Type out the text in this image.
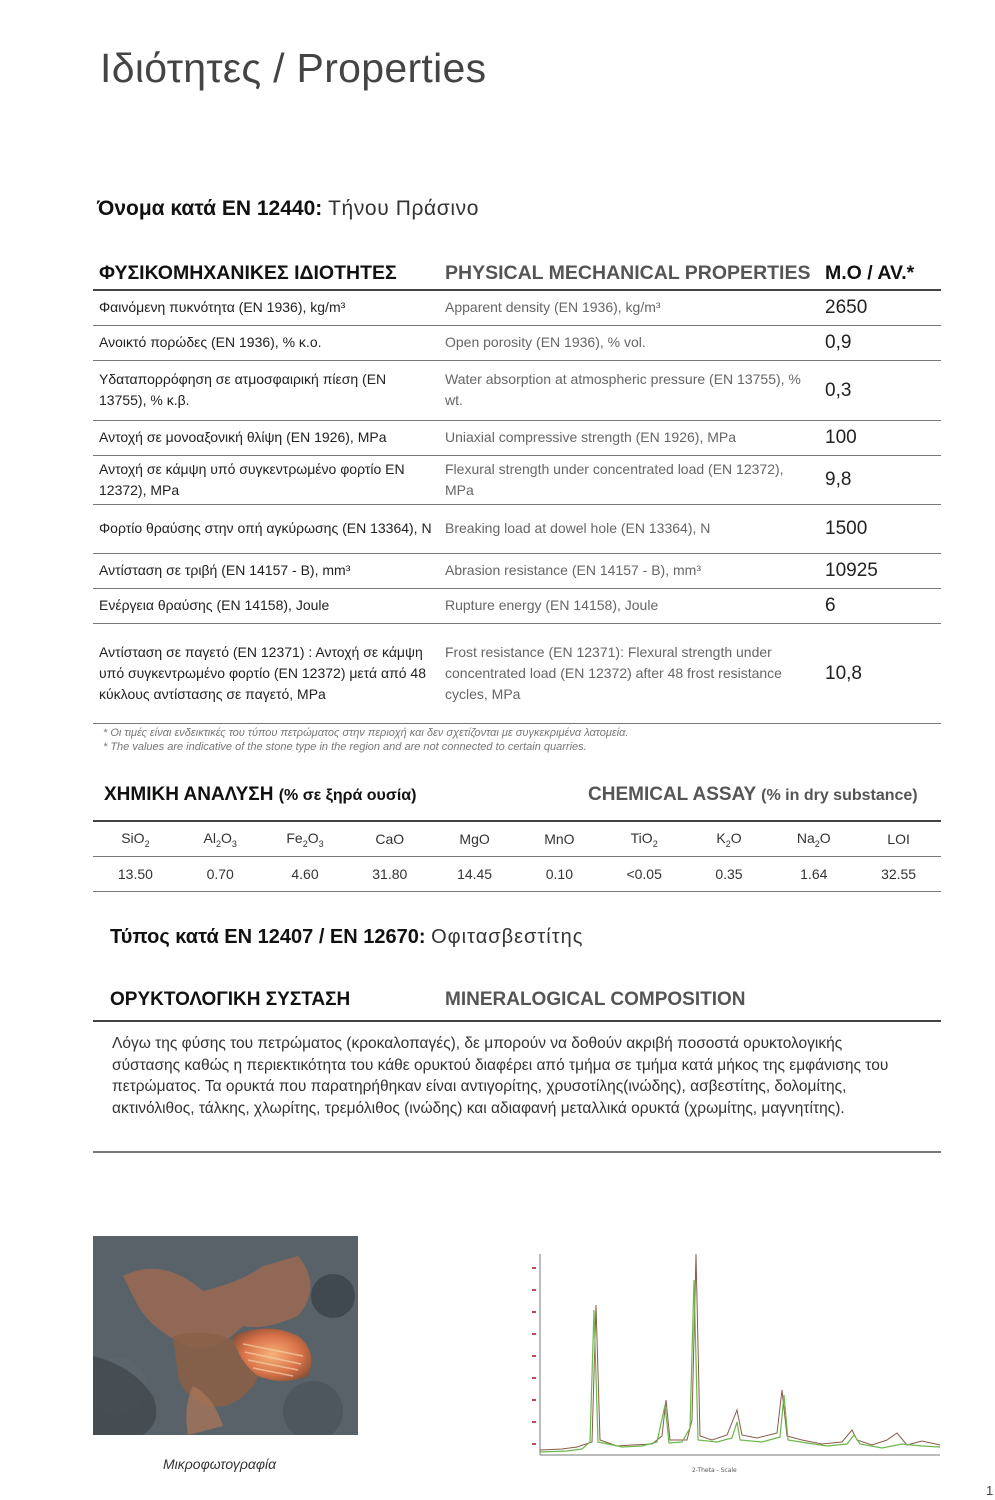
Ιδιότητες / Properties
Όνομα κατά EN 12440: Τήνου Πράσινο
ΦΥΣΙΚΟΜΗΧΑΝΙΚΕΣ ΙΔΙΟΤΗΤΕΣ	PHYSICAL MECHANICAL PROPERTIES	M.O / AV.*
Φαινόμενη πυκνότητα (EN 1936), kg/m³	Apparent density (EN 1936), kg/m³	2650
Ανοικτό πορώδες (EN 1936), % κ.ο.	Open porosity (EN 1936), % vol.	0,9
Υδαταπορρόφηση σε ατμοσφαιρική πίεση (EN 13755), % κ.β.	Water absorption at atmospheric pressure (EN 13755), % wt.	0,3
Αντοχή σε μονοαξονική θλίψη (EN 1926), MPa	Uniaxial compressive strength (EN 1926), MPa	100
Αντοχή σε κάμψη υπό συγκεντρωμένο φορτίο EN 12372), MPa	Flexural strength under concentrated load (EN 12372), MPa	9,8
Φορτίο θραύσης στην οπή αγκύρωσης (EN 13364), N	Breaking load at dowel hole (EN 13364), N	1500
Αντίσταση σε τριβή (EN 14157 - B), mm³	Abrasion resistance (EN 14157 - B), mm³	10925
Ενέργεια θραύσης (EN 14158), Joule	Rupture energy (EN 14158), Joule	6
Αντίσταση σε παγετό (EN 12371) : Αντοχή σε κάμψη υπό συγκεντρωμένο φορτίο (EN 12372) μετά από 48 κύκλους αντίστασης σε παγετό, MPa	Frost resistance (EN 12371): Flexural strength under concentrated load (EN 12372) after 48 frost resistance cycles, MPa	10,8
* Οι τιμές είναι ενδεικτικές του τύπου πετρώματος στην περιοχή και δεν σχετίζονται με συγκεκριμένα λατομεία.
* The values are indicative of the stone type in the region and are not connected to certain quarries.
ΧΗΜΙΚΗ ΑΝΑΛΥΣΗ (% σε ξηρά ουσία)	CHEMICAL ASSAY (% in dry substance)
SiO$_2$	$Al_2O_3$	$Fe_2O_3$	CaO	MgO	MnO	TiO$_2$	$K_2O$	$Na_2O$	LOI
13.50	0.70	4.60	31.80	14.45	0.10	<0.05	0.35	1.64	32.55
Τύπος κατά EN 12407 / EN 12670: Οφιτασβεστίτης
ΟΡΥΚΤΟΛΟΓΙΚΗ ΣΥΣΤΑΣΗ	MINERALOGICAL COMPOSITION
Λόγω της φύσης του πετρώματος (κροκαλοπαγές), δε μπορούν να δοθούν ακριβή ποσοστά ορυκτολογικής σύστασης καθώς η περιεκτικότητα του κάθε ορυκτού διαφέρει από τμήμα σε τμήμα κατά μήκος της εμφάνισης του πετρώματος. Τα ορυκτά που παρατηρήθηκαν είναι αντιγορίτης, χρυσοτίλης(ινώδης), ασβεστίτης, δολομίτης, ακτινόλιθος, τάλκης, χλωρίτης, τρεμόλιθος (ινώδης) και αδιαφανή μεταλλικά ορυκτά (χρωμίτης, μαγνητίτης).
Μικροφωτογραφία	2-Theta - Scale
1
